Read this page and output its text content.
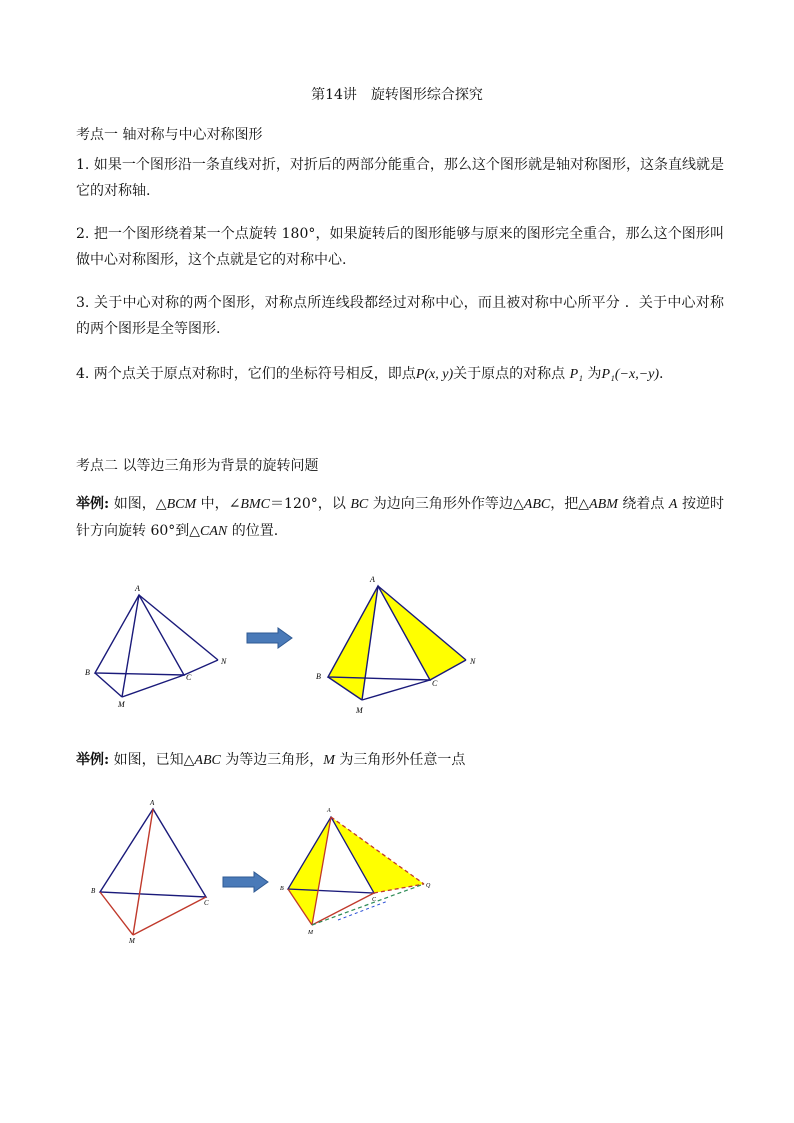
第14讲　旋转图形综合探究
考点一 轴对称与中心对称图形
1. 如果一个图形沿一条直线对折，对折后的两部分能重合，那么这个图形就是轴对称图形，这条直线就是它的对称轴.
2. 把一个图形绕着某一个点旋转 180°，如果旋转后的图形能够与原来的图形完全重合，那么这个图形叫做中心对称图形，这个点就是它的对称中心.
3. 关于中心对称的两个图形，对称点所连线段都经过对称中心，而且被对称中心所平分 ．关于中心对称的两个图形是全等图形.
4. 两个点关于原点对称时，它们的坐标符号相反，即点P(x, y)关于原点的对称点 P₁ 为P₁(−x,−y).
考点二 以等边三角形为背景的旋转问题
举例: 如图，△BCM 中，∠BMC＝120°，以 BC 为边向三角形外作等边△ABC，把△ABM 绕着点 A 按逆时针方向旋转 60°到△CAN 的位置.
A
B
C
M
N
A
B
C
M
N
举例: 如图，已知△ABC 为等边三角形，M 为三角形外任意一点
A
B
C
M
A
B
C
M
Q
